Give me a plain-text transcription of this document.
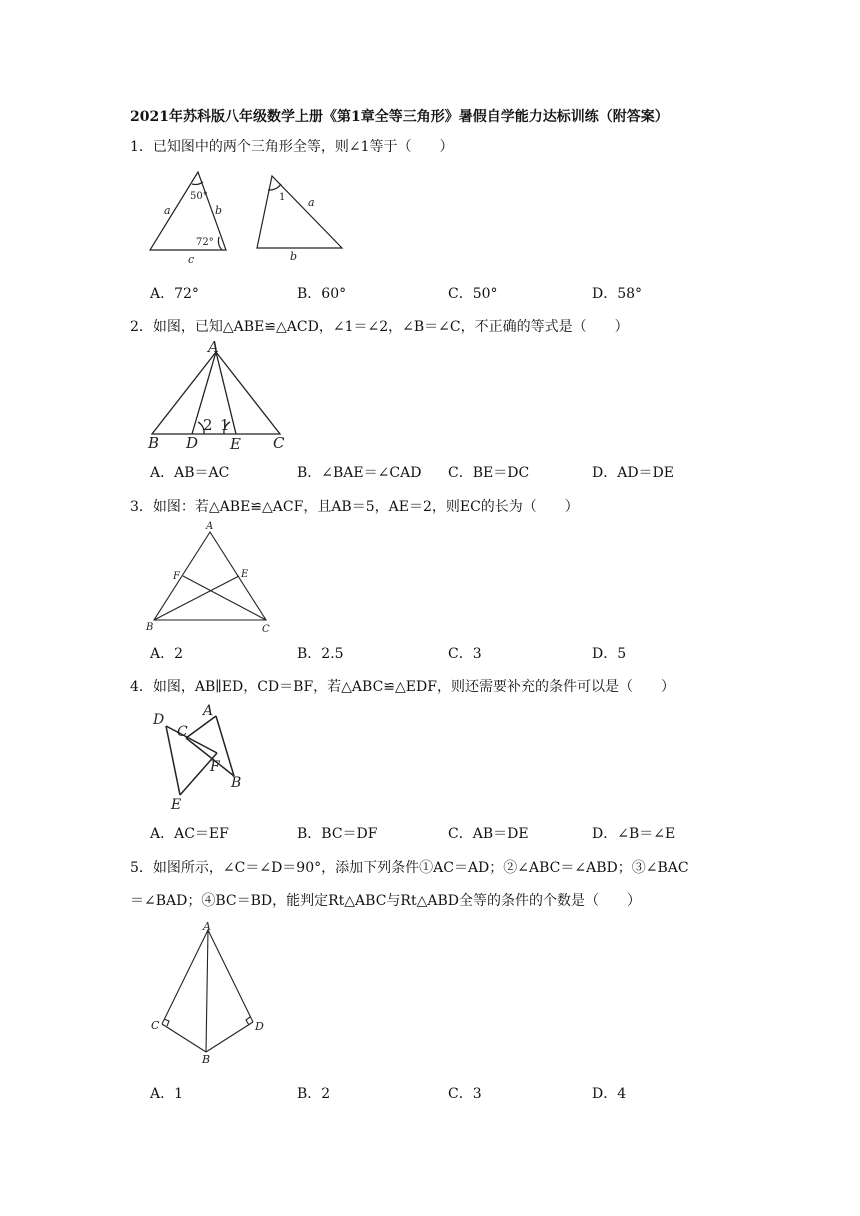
2021年苏科版八年级数学上册《第1章全等三角形》暑假自学能力达标训练（附答案）
1．已知图中的两个三角形全等，则∠1等于（　　）
a	b
c
50°
72°
1 a
b
A．72°	B．60°	C．50°	D．58°
2．如图，已知△ABE≌△ACD，∠1＝∠2，∠B＝∠C，不正确的等式是（　　）
A
B D E C
2 1
A．AB＝AC	B．∠BAE＝∠CAD C．BE＝DC	D．AD＝DE
3．如图：若△ABE≌△ACF，且AB＝5，AE＝2，则EC的长为（　　）
A
F	E
B	C
A．2	B．2.5	C．3	D．5
4．如图，AB∥ED，CD＝BF，若△ABC≌△EDF，则还需要补充的条件可以是（　　）
D
A
C
F
B
E
A．AC＝EF	B．BC＝DF	C．AB＝DE	D．∠B＝∠E
5．如图所示，∠C＝∠D＝90°，添加下列条件①AC＝AD；②∠ABC＝∠ABD；③∠BAC
＝∠BAD；④BC＝BD，能判定Rt△ABC与Rt△ABD全等的条件的个数是（　　）
A
C	D
B
A．1	B．2	C．3	D．4
